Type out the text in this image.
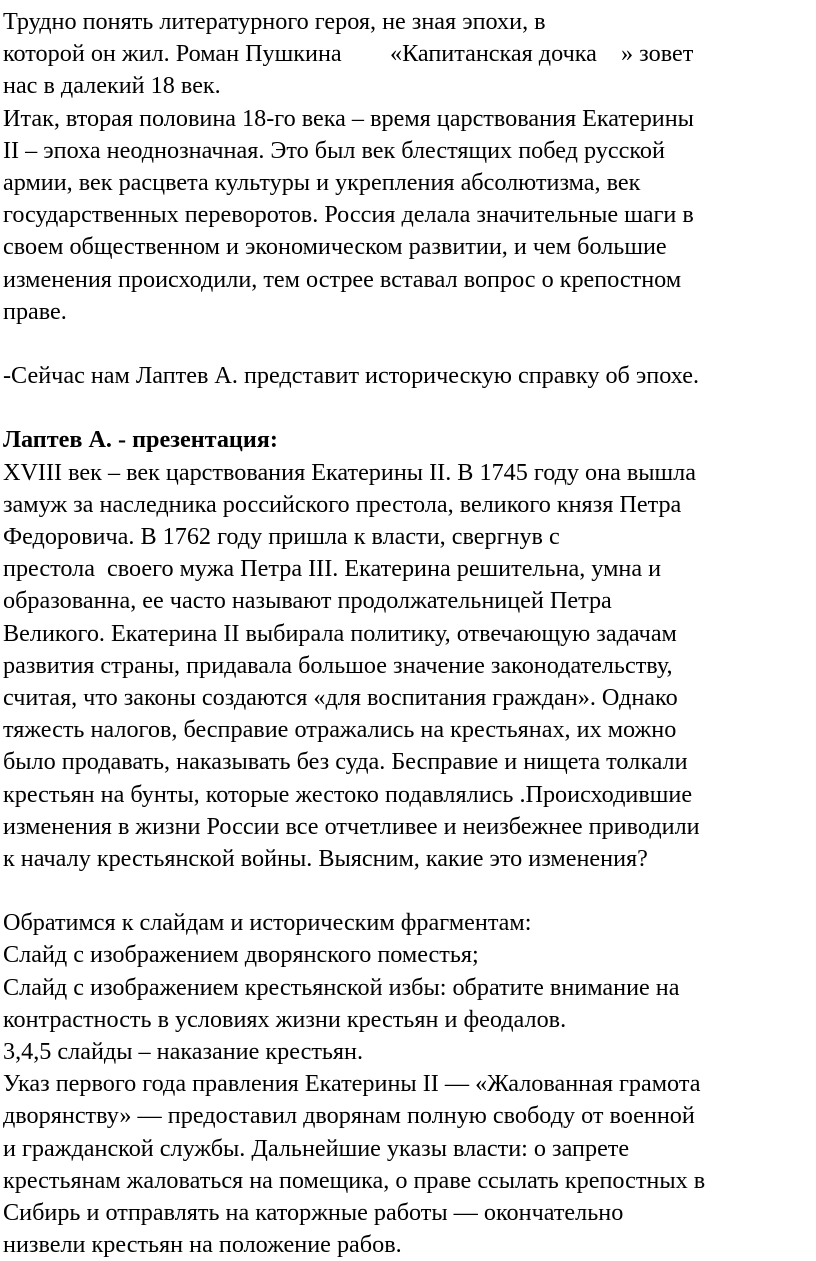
Трудно понять литературного героя, не зная эпохи, в
которой он жил. Роман Пушкина        «Капитанская дочка    » зовет
нас в далекий 18 век.
Итак, вторая половина 18-го века – время царствования Екатерины
II – эпоха неоднозначная. Это был век блестящих побед русской
армии, век расцвета культуры и укрепления абсолютизма, век
государственных переворотов. Россия делала значительные шаги в
своем общественном и экономическом развитии, и чем большие
изменения происходили, тем острее вставал вопрос о крепостном
праве.
-Сейчас нам Лаптев А. представит историческую справку об эпохе.
Лаптев А. - презентация:
XVIII век – век царствования Екатерины II. В 1745 году она вышла
замуж за наследника российского престола, великого князя Петра
Федоровича. В 1762 году пришла к власти, свергнув с
престола  своего мужа Петра III. Екатерина решительна, умна и
образованна, ее часто называют продолжательницей Петра
Великого. Екатерина II выбирала политику, отвечающую задачам
развития страны, придавала большое значение законодательству,
считая, что законы создаются «для воспитания граждан». Однако
тяжесть налогов, бесправие отражались на крестьянах, их можно
было продавать, наказывать без суда. Бесправие и нищета толкали
крестьян на бунты, которые жестоко подавлялись .Происходившие
изменения в жизни России все отчетливее и неизбежнее приводили
к началу крестьянской войны. Выясним, какие это изменения?
Обратимся к слайдам и историческим фрагментам:
Слайд с изображением дворянского поместья;
Слайд с изображением крестьянской избы: обратите внимание на
контрастность в условиях жизни крестьян и феодалов.
3,4,5 слайды – наказание крестьян.
Указ первого года правления Екатерины II — «Жалованная грамота
дворянству» — предоставил дворянам полную свободу от военной
и гражданской службы. Дальнейшие указы власти: о запрете
крестьянам жаловаться на помещика, о праве ссылать крепостных в
Сибирь и отправлять на каторжные работы — окончательно
низвели крестьян на положение рабов.
